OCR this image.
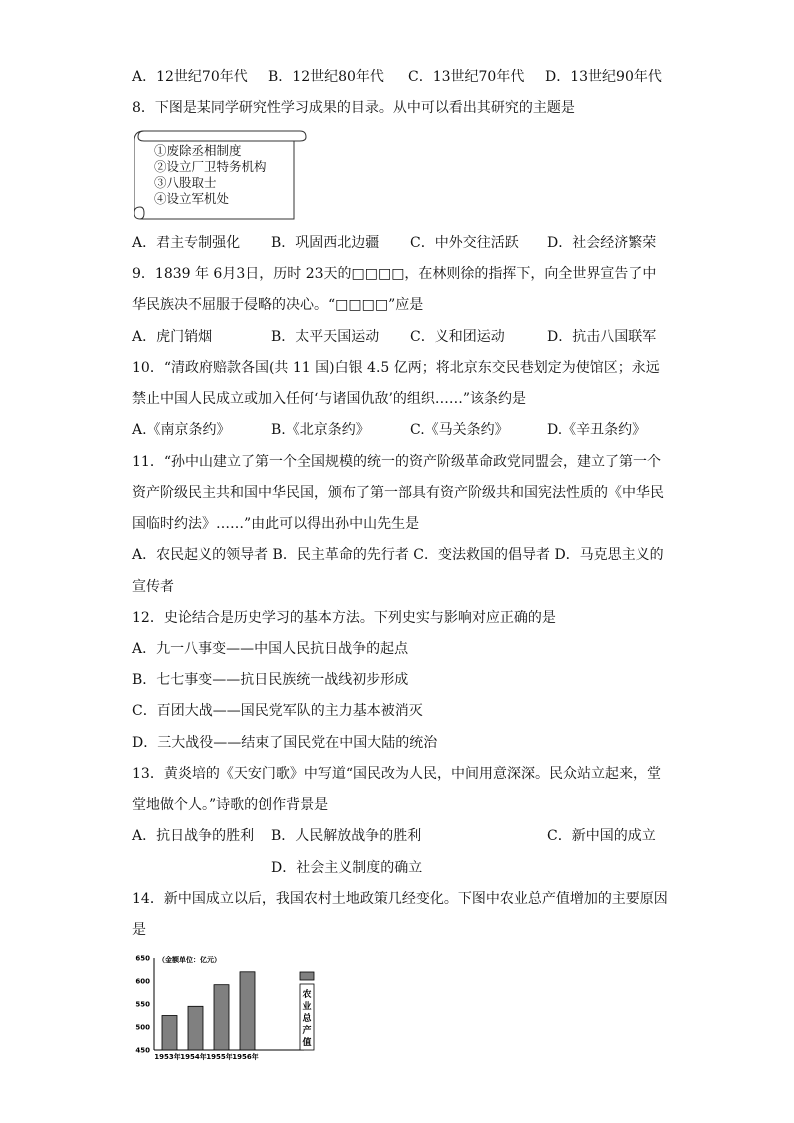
A．12世纪70年代 B．12世纪80年代 C．13世纪70年代 D．13世纪90年代
8．下图是某同学研究性学习成果的目录。从中可以看出其研究的主题是
①废除丞相制度
②设立厂卫特务机构
③八股取士
④设立军机处
A．君主专制强化 B．巩固西北边疆 C．中外交往活跃 D．社会经济繁荣
9．1839 年 6月3日，历时 23天的□□□□，在林则徐的指挥下，向全世界宣告了中
华民族决不屈服于侵略的决心。“□□□□”应是
A．虎门销烟	B．太平天国运动 C．义和团运动	D．抗击八国联军
10．“清政府赔款各国(共 11 国)白银 4.5 亿两；将北京东交民巷划定为使馆区；永远
禁止中国人民成立或加入任何‘与诸国仇敌’的组织……”该条约是
A.《南京条约》	B.《北京条约》	C.《马关条约》	D.《辛丑条约》
11．“孙中山建立了第一个全国规模的统一的资产阶级革命政党同盟会，建立了第一个
资产阶级民主共和国中华民国，颁布了第一部具有资产阶级共和国宪法性质的《中华民
国临时约法》……”由此可以得出孙中山先生是
A．农民起义的领导者 B．民主革命的先行者 C．变法救国的倡导者 D．马克思主义的
宣传者
12．史论结合是历史学习的基本方法。下列史实与影响对应正确的是
A．九一八事变——中国人民抗日战争的起点
B．七七事变——抗日民族统一战线初步形成
C．百团大战——国民党军队的主力基本被消灭
D．三大战役——结束了国民党在中国大陆的统治
13．黄炎培的《天安门歌》中写道“国民改为人民，中间用意深深。民众站立起来，堂
堂地做个人。”诗歌的创作背景是
A．抗日战争的胜利 B．人民解放战争的胜利	C．新中国的成立
D．社会主义制度的确立
14．新中国成立以后，我国农村土地政策几经变化。下图中农业总产值增加的主要原因
是
（金额单位：亿元）
450
500
550
600
650
1953年 1954年 1955年 1956年
农
业
总
产
值
